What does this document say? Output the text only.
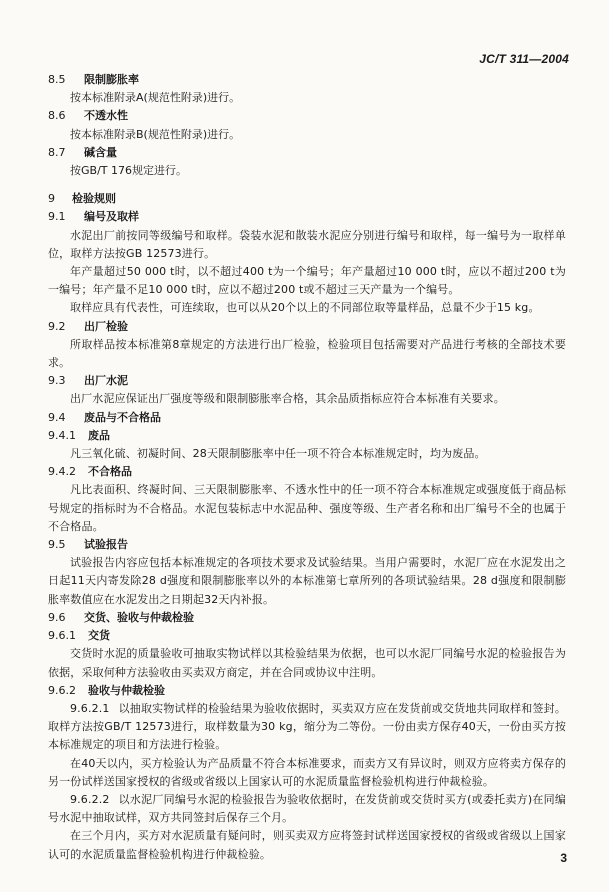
JC/T 311—2004
8.5 限制膨胀率
按本标准附录A(规范性附录)进行。
8.6 不透水性
按本标准附录B(规范性附录)进行。
8.7 碱含量
按GB/T 176规定进行。
9 检验规则
9.1 编号及取样

水泥出厂前按同等级编号和取样。袋装水泥和散装水泥应分别进行编号和取样，每一编号为一取样单位，取样方法按GB 12573进行。

年产量超过50 000 t时，以不超过400 t为一个编号；年产量超过10 000 t时，应以不超过200 t为一编号；年产量不足10 000 t时，应以不超过200 t或不超过三天产量为一个编号。

取样应具有代表性，可连续取，也可以从20个以上的不同部位取等量样品，总量不少于15 kg。

9.2 出厂检验

所取样品按本标准第8章规定的方法进行出厂检验，检验项目包括需要对产品进行考核的全部技术要求。

9.3 出厂水泥

出厂水泥应保证出厂强度等级和限制膨胀率合格，其余品质指标应符合本标准有关要求。

9.4 废品与不合格品
9.4.1 废品

凡三氧化硫、初凝时间、28天限制膨胀率中任一项不符合本标准规定时，均为废品。

9.4.2 不合格品

凡比表面积、终凝时间、三天限制膨胀率、不透水性中的任一项不符合本标准规定或强度低于商品标号规定的指标时为不合格品。水泥包装标志中水泥品种、强度等级、生产者名称和出厂编号不全的也属于不合格品。

9.5 试验报告

试验报告内容应包括本标准规定的各项技术要求及试验结果。当用户需要时，水泥厂应在水泥发出之日起11天内寄发除28 d强度和限制膨胀率以外的本标准第七章所列的各项试验结果。28 d强度和限制膨胀率数值应在水泥发出之日期起32天内补报。

9.6 交货、验收与仲裁检验
9.6.1 交货

交货时水泥的质量验收可抽取实物试样以其检验结果为依据，也可以水泥厂同编号水泥的检验报告为依据，采取何种方法验收由买卖双方商定，并在合同或协议中注明。

9.6.2 验收与仲裁检验

9.6.2.1 以抽取实物试样的检验结果为验收依据时，买卖双方应在发货前或交货地共同取样和签封。取样方法按GB/T 12573进行，取样数量为30 kg，缩分为二等份。一份由卖方保存40天，一份由买方按本标准规定的项目和方法进行检验。

在40天以内，买方检验认为产品质量不符合本标准要求，而卖方又有异议时，则双方应将卖方保存的另一份试样送国家授权的省级或省级以上国家认可的水泥质量监督检验机构进行仲裁检验。

9.6.2.2 以水泥厂同编号水泥的检验报告为验收依据时，在发货前或交货时买方(或委托卖方)在同编号水泥中抽取试样，双方共同签封后保存三个月。

在三个月内，买方对水泥质量有疑问时，则买卖双方应将签封试样送国家授权的省级或省级以上国家认可的水泥质量监督检验机构进行仲裁检验。	3
